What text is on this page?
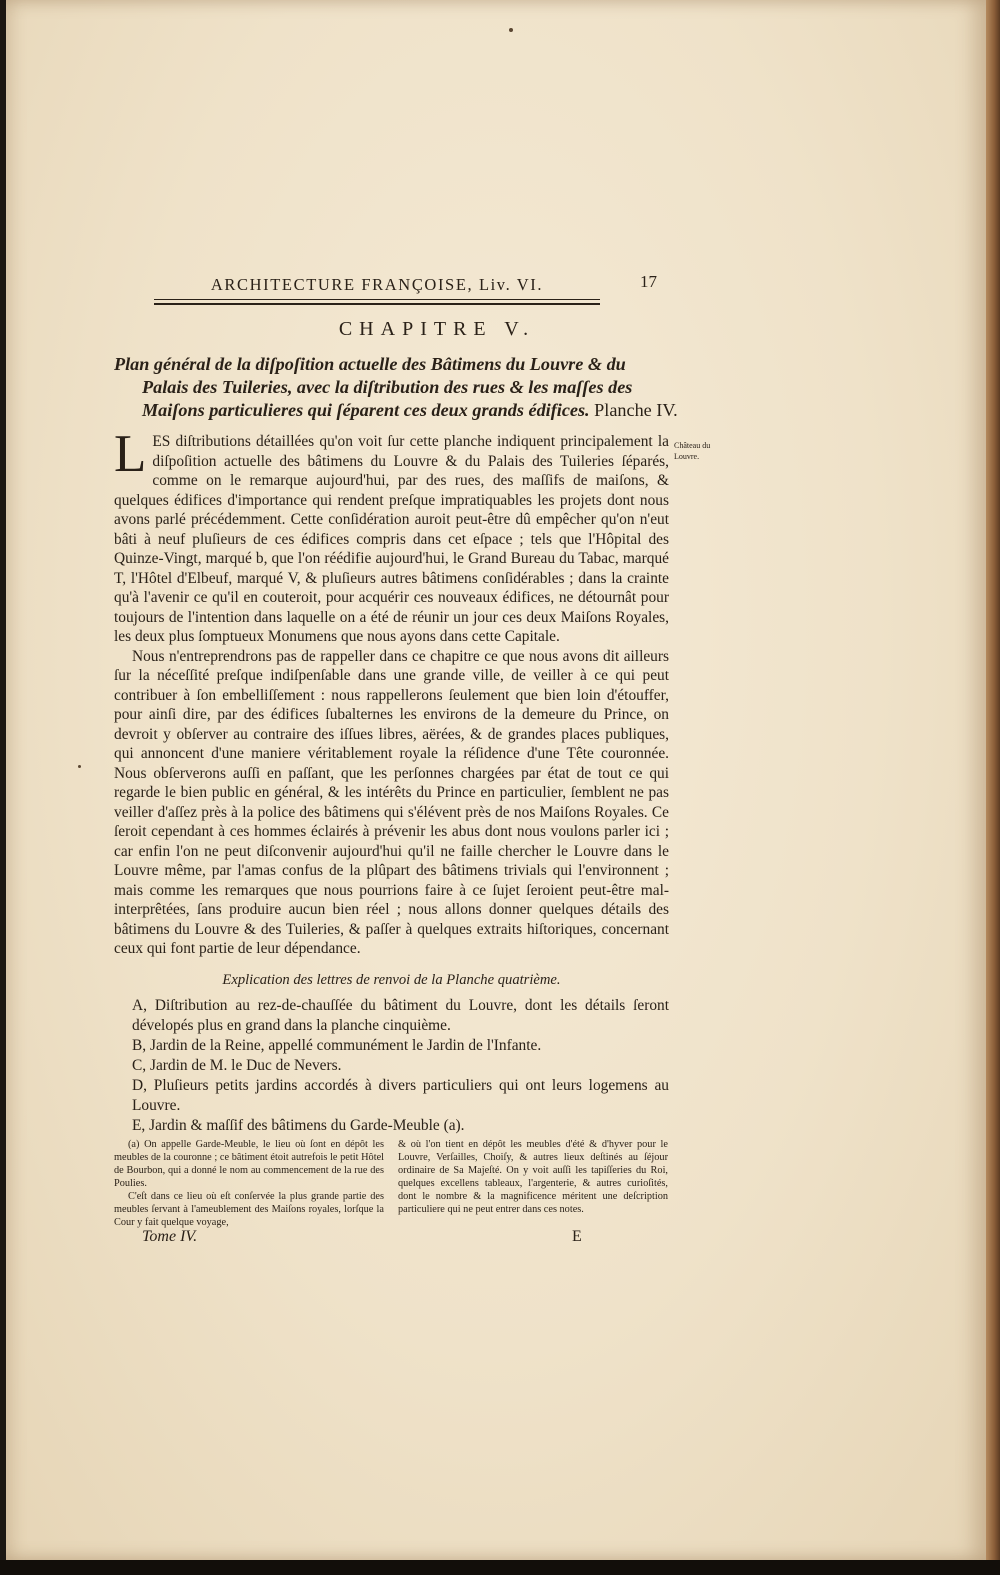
ARCHITECTURE FRANÇOISE, Liv. VI.	17
CHAPITRE V.
Plan général de la diſpoſition actuelle des Bâtimens du Louvre & du
Palais des Tuileries, avec la diſtribution des rues & les maſſes des
Maiſons particulieres qui ſéparent ces deux grands édifices. Planche IV.
Château du Louvre.

LES diſtributions détaillées qu'on voit ſur cette planche indiquent principalement la diſpoſition actuelle des bâtimens du Louvre & du Palais des Tuileries ſéparés, comme on le remarque aujourd'hui, par des rues, des maſſifs de maiſons, & quelques édifices d'importance qui rendent preſque impratiquables les projets dont nous avons parlé précédemment. Cette conſidération auroit peut-être dû empêcher qu'on n'eut bâti à neuf pluſieurs de ces édifices compris dans cet eſpace ; tels que l'Hôpital des Quinze-Vingt, marqué b, que l'on réédifie aujourd'hui, le Grand Bureau du Tabac, marqué T, l'Hôtel d'Elbeuf, marqué V, & pluſieurs autres bâtimens conſidérables ; dans la crainte qu'à l'avenir ce qu'il en couteroit, pour acquérir ces nouveaux édifices, ne détournât pour toujours de l'intention dans laquelle on a été de réunir un jour ces deux Maiſons Royales, les deux plus ſomptueux Monumens que nous ayons dans cette Capitale.

Nous n'entreprendrons pas de rappeller dans ce chapitre ce que nous avons dit ailleurs ſur la néceſſité preſque indiſpenſable dans une grande ville, de veiller à ce qui peut contribuer à ſon embelliſſement : nous rappellerons ſeulement que bien loin d'étouffer, pour ainſi dire, par des édifices ſubalternes les environs de la demeure du Prince, on devroit y obſerver au contraire des iſſues libres, aërées, & de grandes places publiques, qui annoncent d'une maniere véritablement royale la réſidence d'une Tête couronnée. Nous obſerverons auſſi en paſſant, que les perſonnes chargées par état de tout ce qui regarde le bien public en général, & les intérêts du Prince en particulier, ſemblent ne pas veiller d'aſſez près à la police des bâtimens qui s'élévent près de nos Maiſons Royales. Ce ſeroit cependant à ces hommes éclairés à prévenir les abus dont nous voulons parler ici ; car enfin l'on ne peut diſconvenir aujourd'hui qu'il ne faille chercher le Louvre dans le Louvre même, par l'amas confus de la plûpart des bâtimens trivials qui l'environnent ; mais comme les remarques que nous pourrions faire à ce ſujet ſeroient peut-être mal-interprêtées, ſans produire aucun bien réel ; nous allons donner quelques détails des bâtimens du Louvre & des Tuileries, & paſſer à quelques extraits hiſtoriques, concernant ceux qui font partie de leur dépendance.

Explication des lettres de renvoi de la Planche quatrième.
A, Diſtribution au rez-de-chauſſée du bâtiment du Louvre, dont les détails ſeront dévelopés plus en grand dans la planche cinquième.
B, Jardin de la Reine, appellé communément le Jardin de l'Infante.
C, Jardin de M. le Duc de Nevers.
D, Pluſieurs petits jardins accordés à divers particuliers qui ont leurs logemens au Louvre.
E, Jardin & maſſif des bâtimens du Garde-Meuble (a).

(a) On appelle Garde-Meuble, le lieu où ſont en dépôt les meubles de la couronne ; ce bâtiment étoit autrefois le petit Hôtel de Bourbon, qui a donné le nom au commencement de la rue des Poulies.

C'eſt dans ce lieu où eſt conſervée la plus grande partie des meubles ſervant à l'ameublement des Maiſons royales, lorſque la Cour y fait quelque voyage,

& où l'on tient en dépôt les meubles d'été & d'hyver pour le Louvre, Verſailles, Choiſy, & autres lieux deſtinés au ſéjour ordinaire de Sa Majeſté. On y voit auſſi les tapiſſeries du Roi, quelques excellens tableaux, l'argenterie, & autres curioſités, dont le nombre & la magnificence méritent une deſcription particuliere qui ne peut entrer dans ces notes.

Tome IV.	E
